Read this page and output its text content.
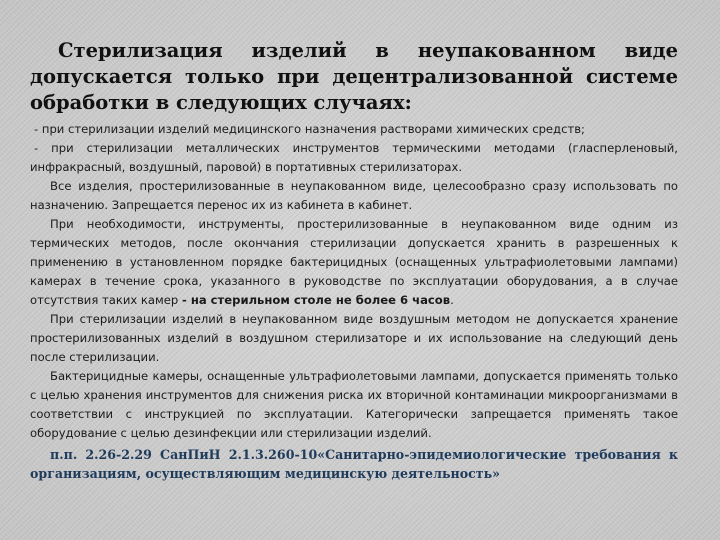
Стерилизация изделий в неупакованном виде допускается только при децентрализованной системе обработки в следующих случаях:
- при стерилизации изделий медицинского назначения растворами химических средств;
- при стерилизации металлических инструментов термическими методами (гласперленовый, инфракрасный, воздушный, паровой) в портативных стерилизаторах.
Все изделия, простерилизованные в неупакованном виде, целесообразно сразу использовать по назначению. Запрещается перенос их из кабинета в кабинет.
При необходимости, инструменты, простерилизованные в неупакованном виде одним из термических методов, после окончания стерилизации допускается хранить в разрешенных к применению в установленном порядке бактерицидных (оснащенных ультрафиолетовыми лампами) камерах в течение срока, указанного в руководстве по эксплуатации оборудования, а в случае отсутствия таких камер - на стерильном столе не более 6 часов.
При стерилизации изделий в неупакованном виде воздушным методом не допускается хранение простерилизованных изделий в воздушном стерилизаторе и их использование на следующий день после стерилизации.
Бактерицидные камеры, оснащенные ультрафиолетовыми лампами, допускается применять только с целью хранения инструментов для снижения риска их вторичной контаминации микроорганизмами в соответствии с инструкцией по эксплуатации. Категорически запрещается применять такое оборудование с целью дезинфекции или стерилизации изделий.
п.п. 2.26-2.29 СанПиН 2.1.3.260-10«Санитарно-эпидемиологические требования к организациям, осуществляющим медицинскую деятельность»
